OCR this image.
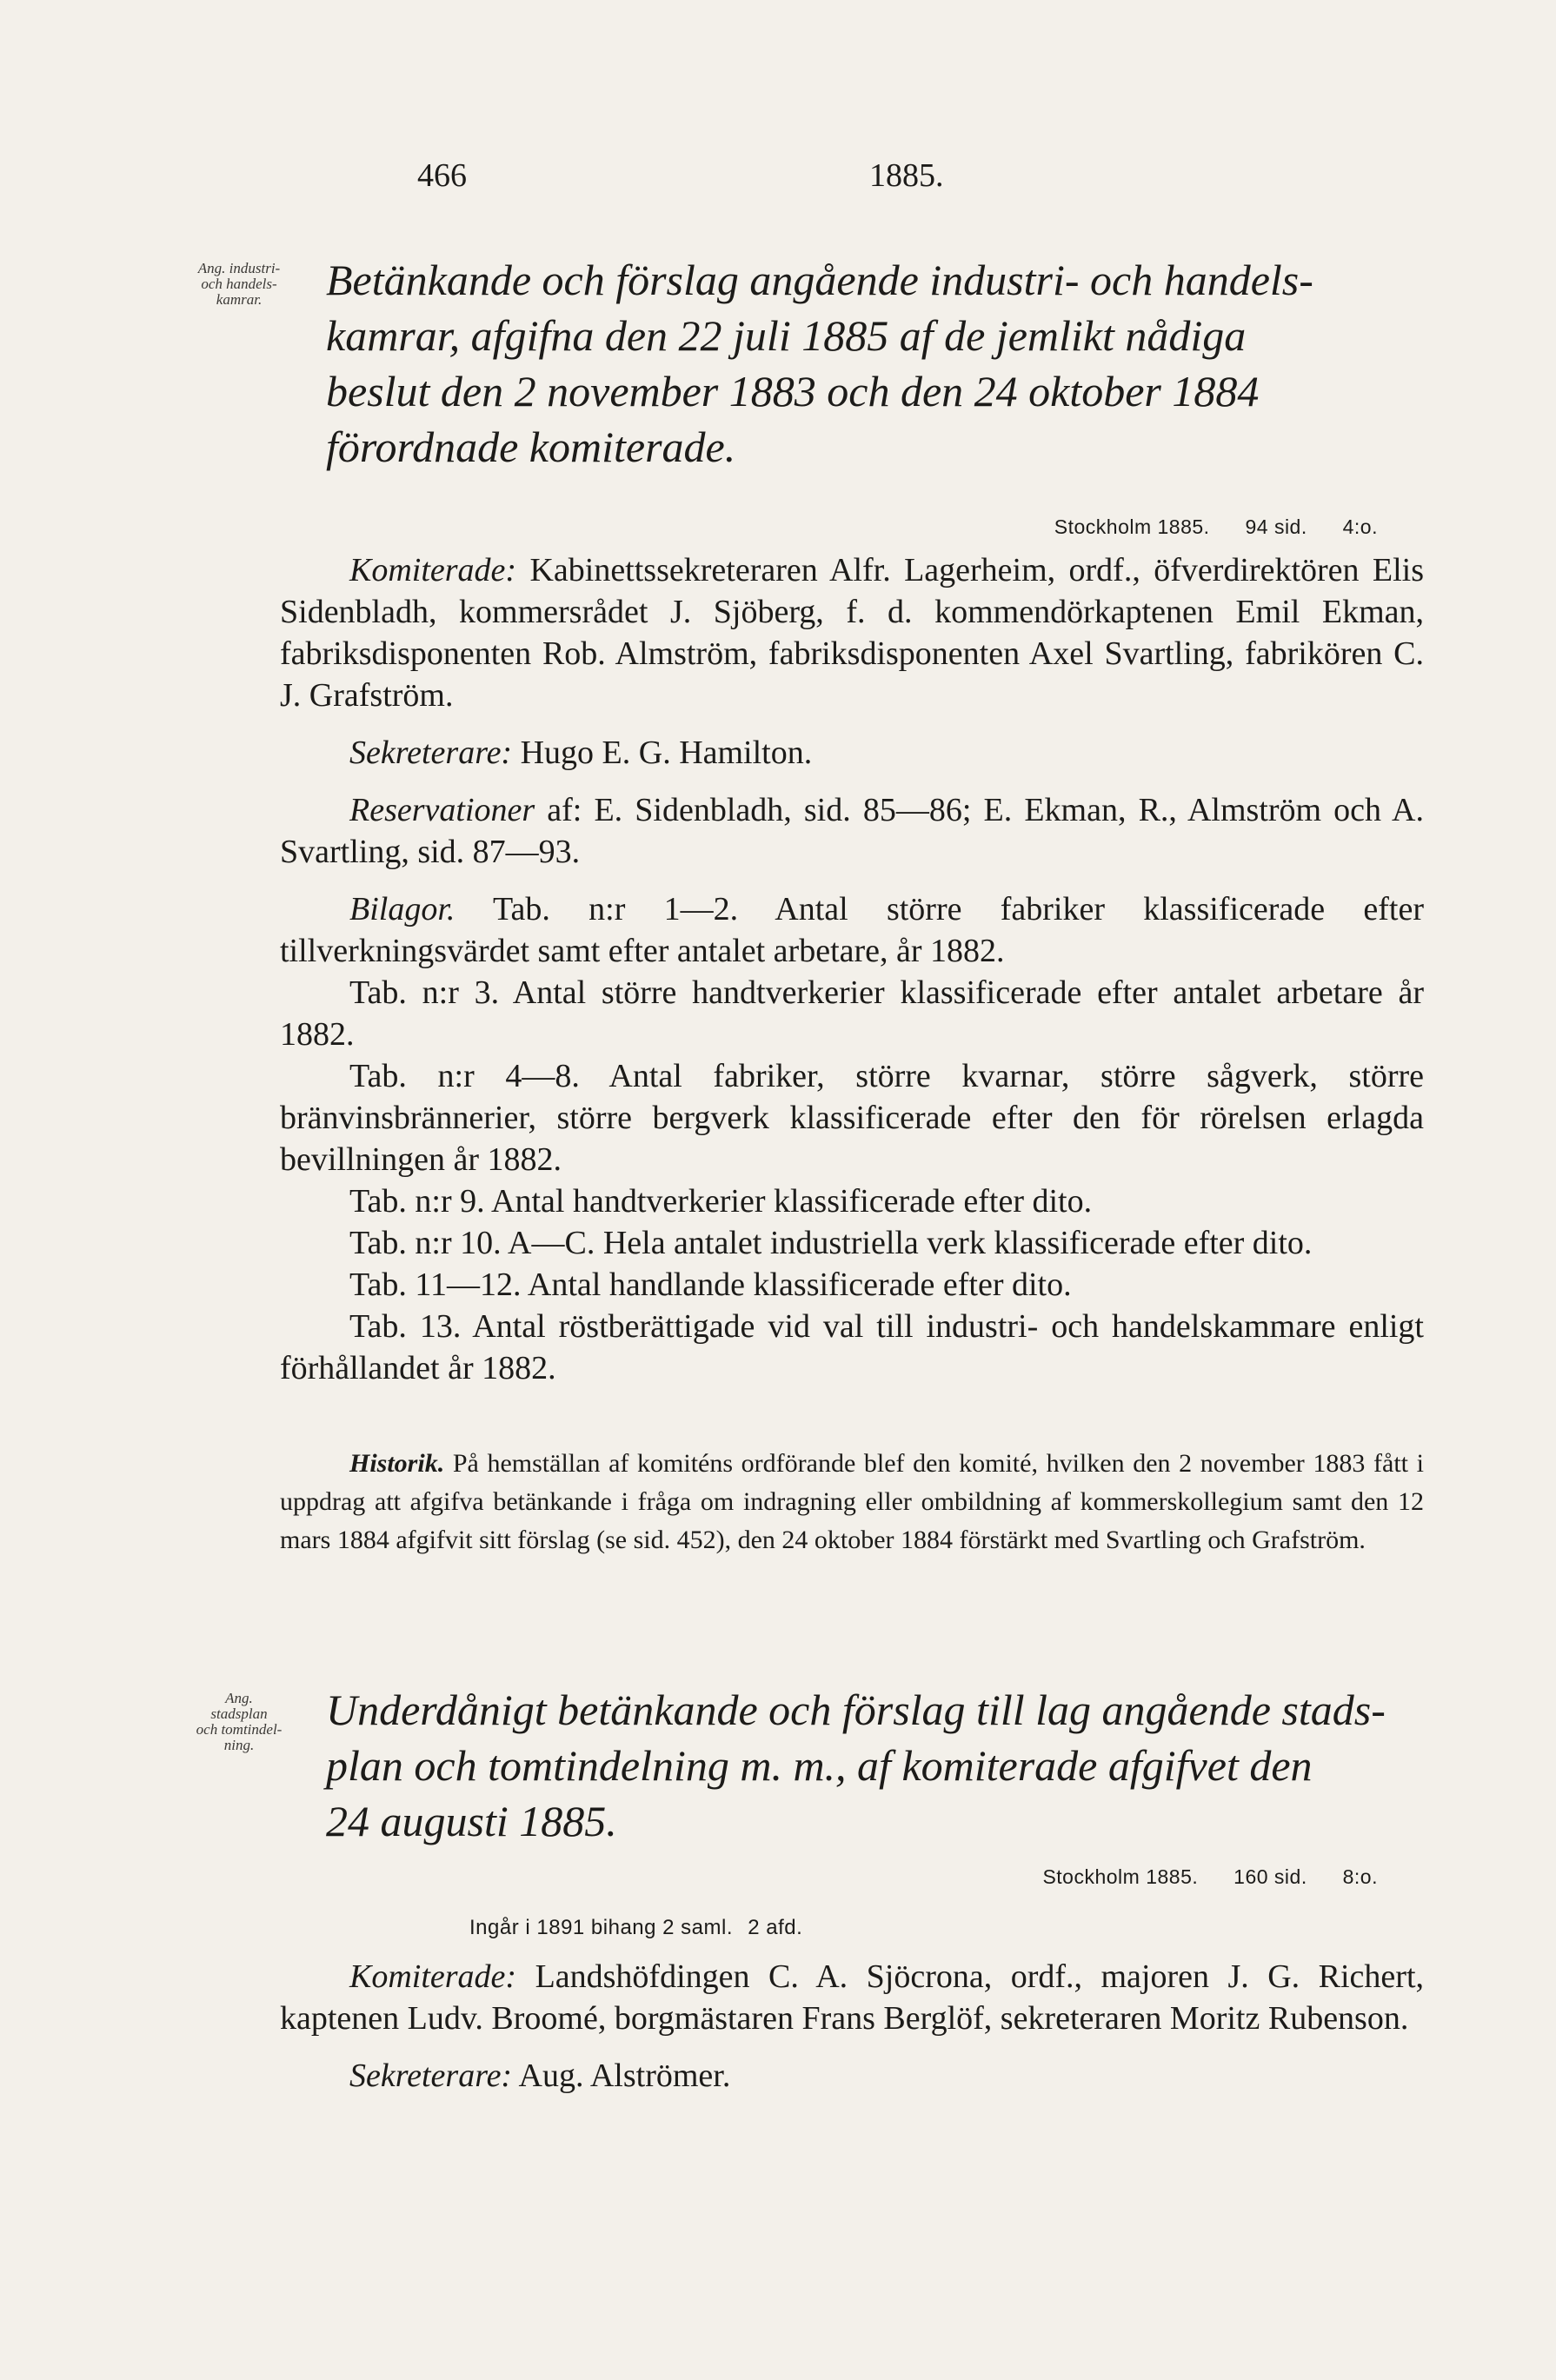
466	1885.
Ang. industri-
och handels-
kamrar.	Betänkande och förslag angående industri- och handels-
kamrar, afgifna den 22 juli 1885 af de jemlikt nådiga
beslut den 2 november 1883 och den 24 oktober 1884
förordnade komiterade.
Stockholm 1885. 94 sid. 4:o.

Komiterade: Kabinettssekreteraren Alfr. Lagerheim, ordf., öfverdirektören Elis Sidenbladh, kommersrådet J. Sjöberg, f. d. kommendörkaptenen Emil Ekman, fabriksdisponenten Rob. Almström, fabriksdisponenten Axel Svartling, fabrikören C. J. Grafström.

Sekreterare: Hugo E. G. Hamilton.

Reservationer af: E. Sidenbladh, sid. 85—86; E. Ekman, R., Almström och A. Svartling, sid. 87—93.

Bilagor. Tab. n:r 1—2. Antal större fabriker klassificerade efter tillverkningsvärdet samt efter antalet arbetare, år 1882.

Tab. n:r 3. Antal större handtverkerier klassificerade efter antalet arbetare år 1882.

Tab. n:r 4—8. Antal fabriker, större kvarnar, större sågverk, större bränvinsbrännerier, större bergverk klassificerade efter den för rörelsen erlagda bevillningen år 1882.

Tab. n:r 9. Antal handtverkerier klassificerade efter dito.

Tab. n:r 10. A—C. Hela antalet industriella verk klassificerade efter dito.

Tab. 11—12. Antal handlande klassificerade efter dito.

Tab. 13. Antal röstberättigade vid val till industri- och handelskammare enligt förhållandet år 1882.

Historik. På hemställan af komiténs ordförande blef den komité, hvilken den 2 november 1883 fått i uppdrag att afgifva betänkande i fråga om indragning eller ombildning af kommerskollegium samt den 12 mars 1884 afgifvit sitt förslag (se sid. 452), den 24 oktober 1884 förstärkt med Svartling och Grafström.
Ang. stadsplan
och tomtindel-
ning.
Underdånigt betänkande och förslag till lag angående stads-
plan och tomtindelning m. m., af komiterade afgifvet den
24 augusti 1885.
Stockholm 1885. 160 sid. 8:o.
Ingår i 1891 bihang 2 saml. 2 afd.

Komiterade: Landshöfdingen C. A. Sjöcrona, ordf., majoren J. G. Richert, kaptenen Ludv. Broomé, borgmästaren Frans Berglöf, sekreteraren Moritz Rubenson.

Sekreterare: Aug. Alströmer.
